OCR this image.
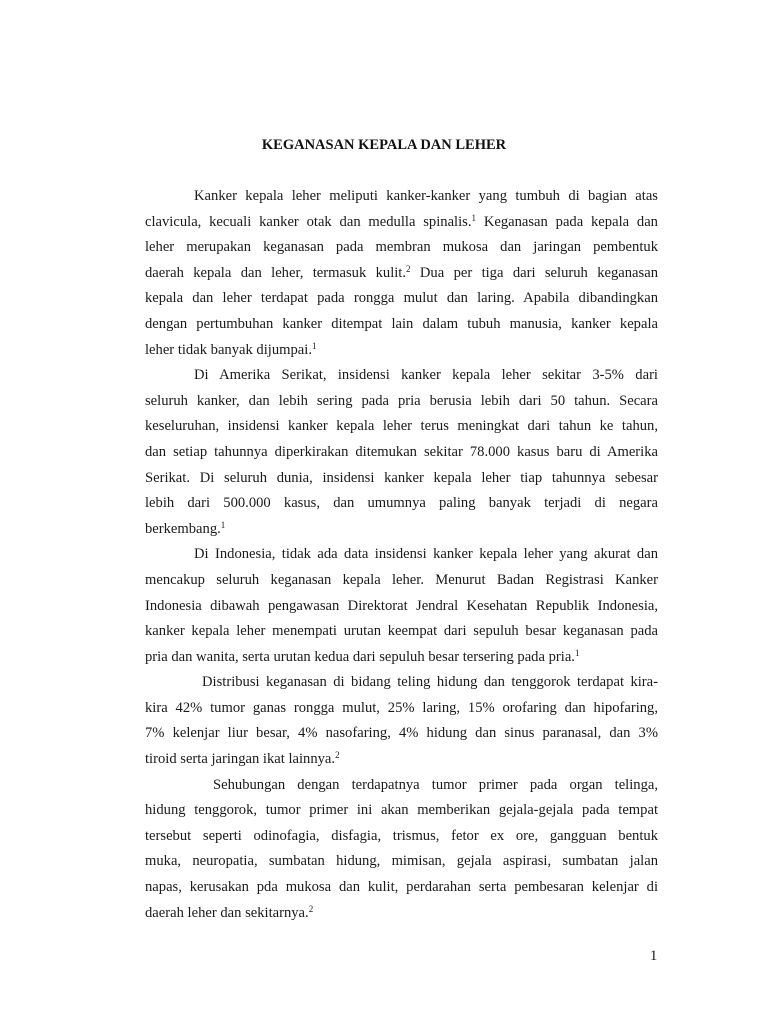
KEGANASAN KEPALA DAN LEHER
Kanker kepala leher meliputi kanker-kanker yang tumbuh di bagian atas
clavicula, kecuali kanker otak dan medulla spinalis.$^1$ Keganasan pada kepala dan
leher merupakan keganasan pada membran mukosa dan jaringan pembentuk
daerah kepala dan leher, termasuk kulit.$^2$ Dua per tiga dari seluruh keganasan
kepala dan leher terdapat pada rongga mulut dan laring. Apabila dibandingkan
dengan pertumbuhan kanker ditempat lain dalam tubuh manusia, kanker kepala
leher tidak banyak dijumpai.$^1$
Di Amerika Serikat, insidensi kanker kepala leher sekitar 3-5% dari
seluruh kanker, dan lebih sering pada pria berusia lebih dari 50 tahun. Secara
keseluruhan, insidensi kanker kepala leher terus meningkat dari tahun ke tahun,
dan setiap tahunnya diperkirakan ditemukan sekitar 78.000 kasus baru di Amerika
Serikat. Di seluruh dunia, insidensi kanker kepala leher tiap tahunnya sebesar
lebih dari 500.000 kasus, dan umumnya paling banyak terjadi di negara
berkembang.$^1$
Di Indonesia, tidak ada data insidensi kanker kepala leher yang akurat dan
mencakup seluruh keganasan kepala leher. Menurut Badan Registrasi Kanker
Indonesia dibawah pengawasan Direktorat Jendral Kesehatan Republik Indonesia,
kanker kepala leher menempati urutan keempat dari sepuluh besar keganasan pada
pria dan wanita, serta urutan kedua dari sepuluh besar tersering pada pria.$^1$
Distribusi keganasan di bidang teling hidung dan tenggorok terdapat kira-
kira 42% tumor ganas rongga mulut, 25% laring, 15% orofaring dan hipofaring,
7% kelenjar liur besar, 4% nasofaring, 4% hidung dan sinus paranasal, dan 3%
tiroid serta jaringan ikat lainnya.$^2$
Sehubungan dengan terdapatnya tumor primer pada organ telinga,
hidung tenggorok, tumor primer ini akan memberikan gejala-gejala pada tempat
tersebut seperti odinofagia, disfagia, trismus, fetor ex ore, gangguan bentuk
muka, neuropatia, sumbatan hidung, mimisan, gejala aspirasi, sumbatan jalan
napas, kerusakan pda mukosa dan kulit, perdarahan serta pembesaran kelenjar di
daerah leher dan sekitarnya.$^2$
1
